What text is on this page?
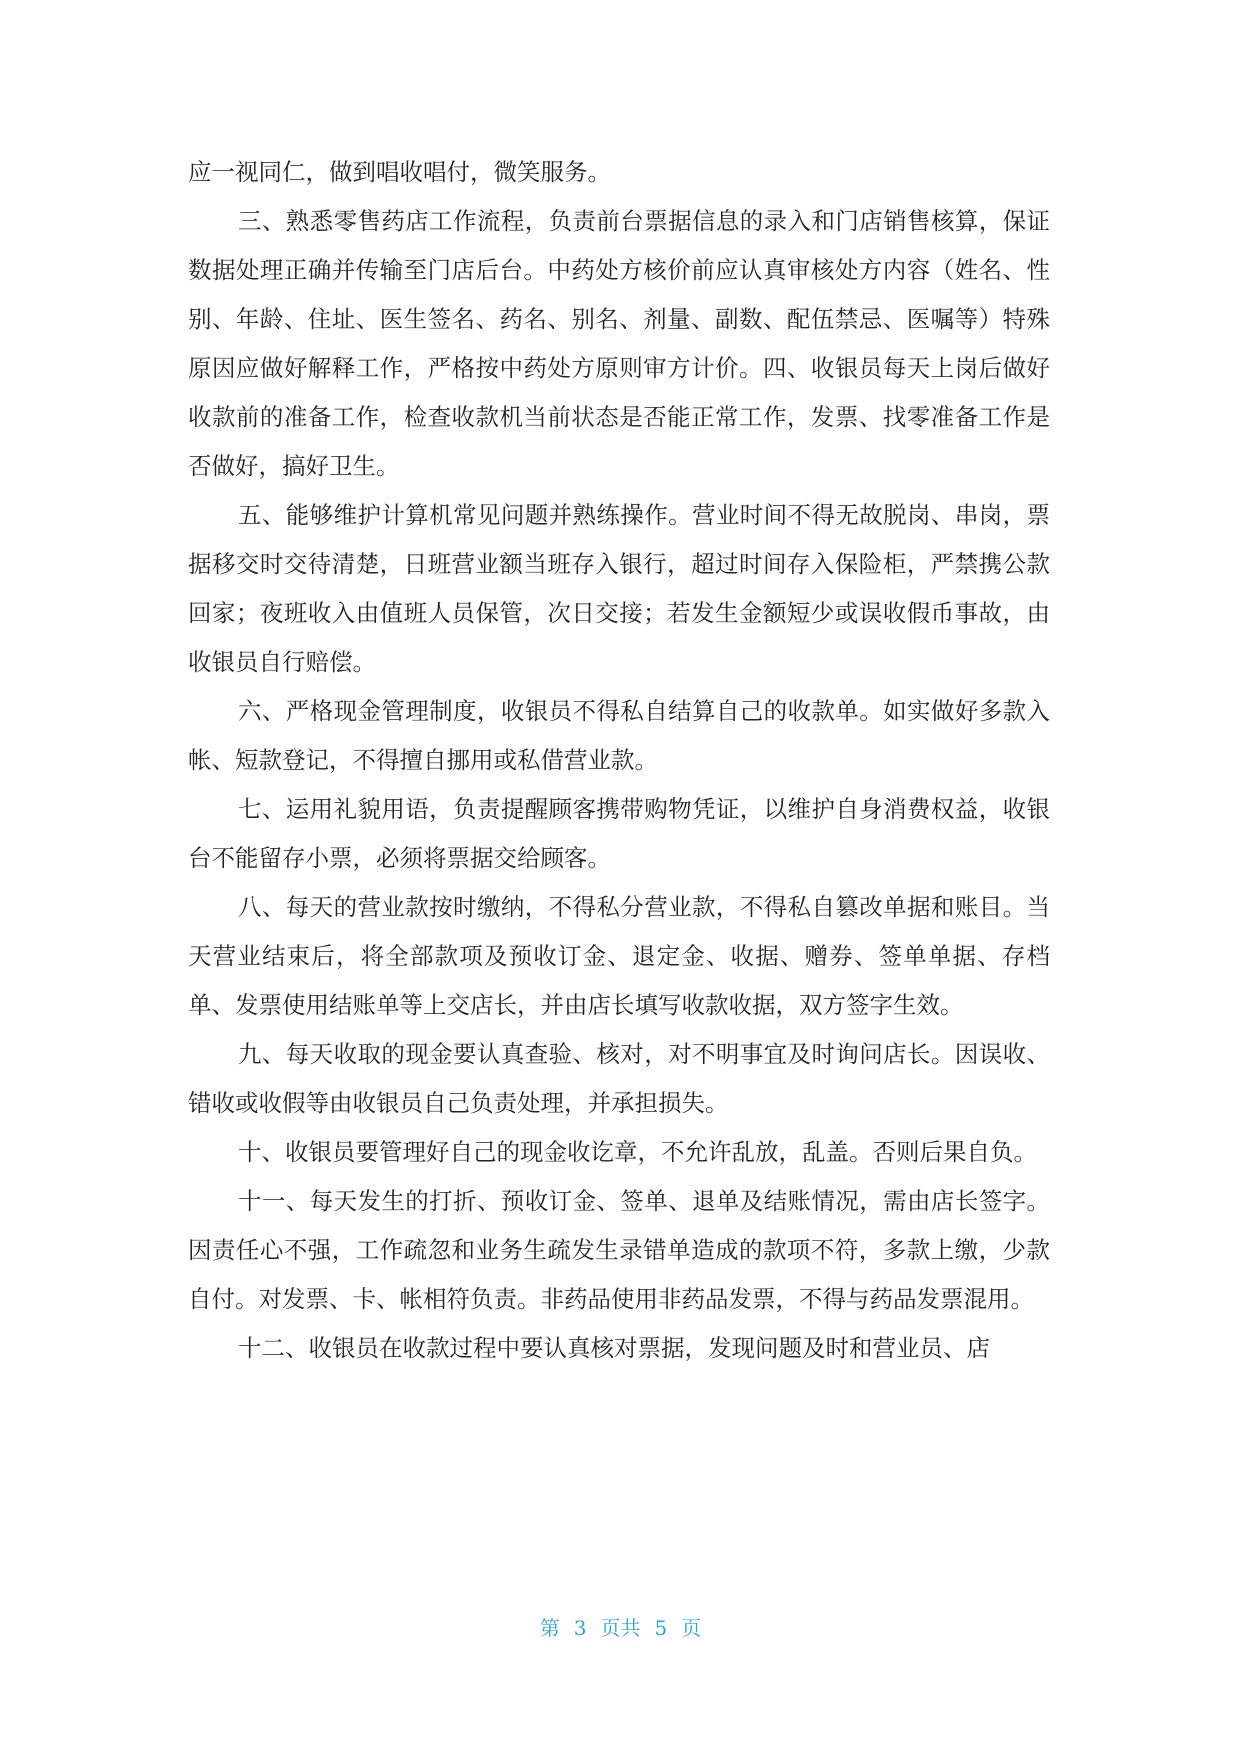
应一视同仁，做到唱收唱付，微笑服务。

三、熟悉零售药店工作流程，负责前台票据信息的录入和门店销售核算，保证数据处理正确并传输至门店后台。中药处方核价前应认真审核处方内容（姓名、性别、年龄、住址、医生签名、药名、别名、剂量、副数、配伍禁忌、医嘱等）特殊原因应做好解释工作，严格按中药处方原则审方计价。四、收银员每天上岗后做好收款前的准备工作，检查收款机当前状态是否能正常工作，发票、找零准备工作是否做好，搞好卫生。

五、能够维护计算机常见问题并熟练操作。营业时间不得无故脱岗、串岗，票据移交时交待清楚，日班营业额当班存入银行，超过时间存入保险柜，严禁携公款回家；夜班收入由值班人员保管，次日交接；若发生金额短少或误收假币事故，由收银员自行赔偿。

六、严格现金管理制度，收银员不得私自结算自己的收款单。如实做好多款入帐、短款登记，不得擅自挪用或私借营业款。

七、运用礼貌用语，负责提醒顾客携带购物凭证，以维护自身消费权益，收银台不能留存小票，必须将票据交给顾客。

八、每天的营业款按时缴纳，不得私分营业款，不得私自篡改单据和账目。当天营业结束后，将全部款项及预收订金、退定金、收据、赠券、签单单据、存档单、发票使用结账单等上交店长，并由店长填写收款收据，双方签字生效。

九、每天收取的现金要认真查验、核对，对不明事宜及时询问店长。因误收、错收或收假等由收银员自己负责处理，并承担损失。

十、收银员要管理好自己的现金收讫章，不允许乱放，乱盖。否则后果自负。

十一、每天发生的打折、预收订金、签单、退单及结账情况，需由店长签字。因责任心不强，工作疏忽和业务生疏发生录错单造成的款项不符，多款上缴，少款自付。对发票、卡、帐相符负责。非药品使用非药品发票，不得与药品发票混用。

十二、收银员在收款过程中要认真核对票据，发现问题及时和营业员、店

第 3 页共 5 页
